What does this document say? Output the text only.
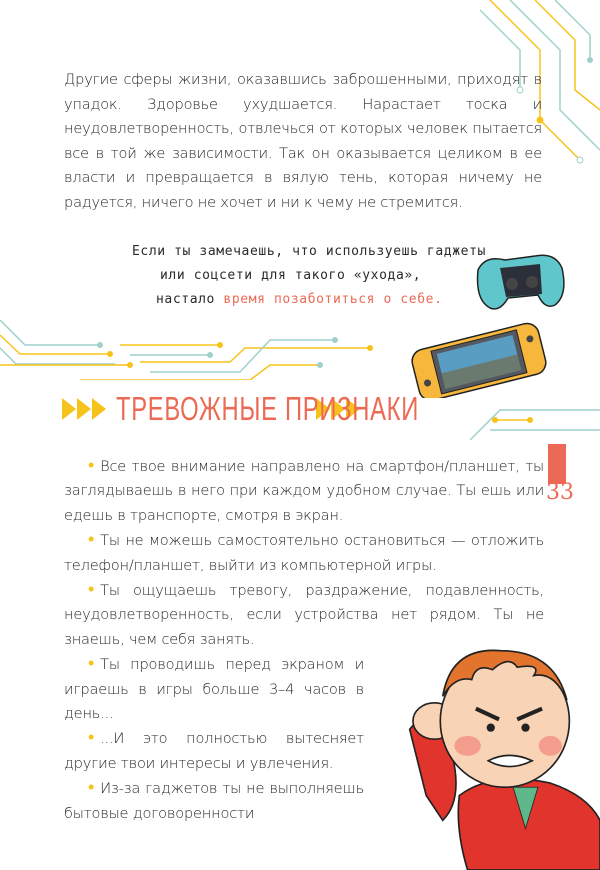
Другие сферы жизни, оказавшись заброшенными, приходят в упадок. Здоровье ухудшается. Нарастает тоска и неудовлетворенность, отвлечься от которых человек пытается все в той же зависимости. Так он оказывается целиком в ее власти и превращается в вялую тень, которая ничему не радуется, ничего не хочет и ни к чему не стремится.
Если ты замечаешь, что используешь гаджеты
или соцсети для такого «ухода»,
настало время позаботиться о себе.
ТРЕВОЖНЫЕ ПРИЗНАКИ
33
• Все твое внимание направлено на смартфон/планшет, ты заглядываешь в него при каждом удобном случае. Ты ешь или едешь в транспорте, смотря в экран.
• Ты не можешь самостоятельно остановиться — отложить телефон/планшет, выйти из компьютерной игры.
• Ты ощущаешь тревогу, раздражение, подавленность, неудовлетворенность, если устройства нет рядом. Ты не знаешь, чем себя занять.
• Ты проводишь перед экраном и играешь в игры больше 3–4 часов в день...
• ...И это полностью вытесняет другие твои интересы и увлечения.
• Из-за гаджетов ты не выполняешь бытовые договоренности
